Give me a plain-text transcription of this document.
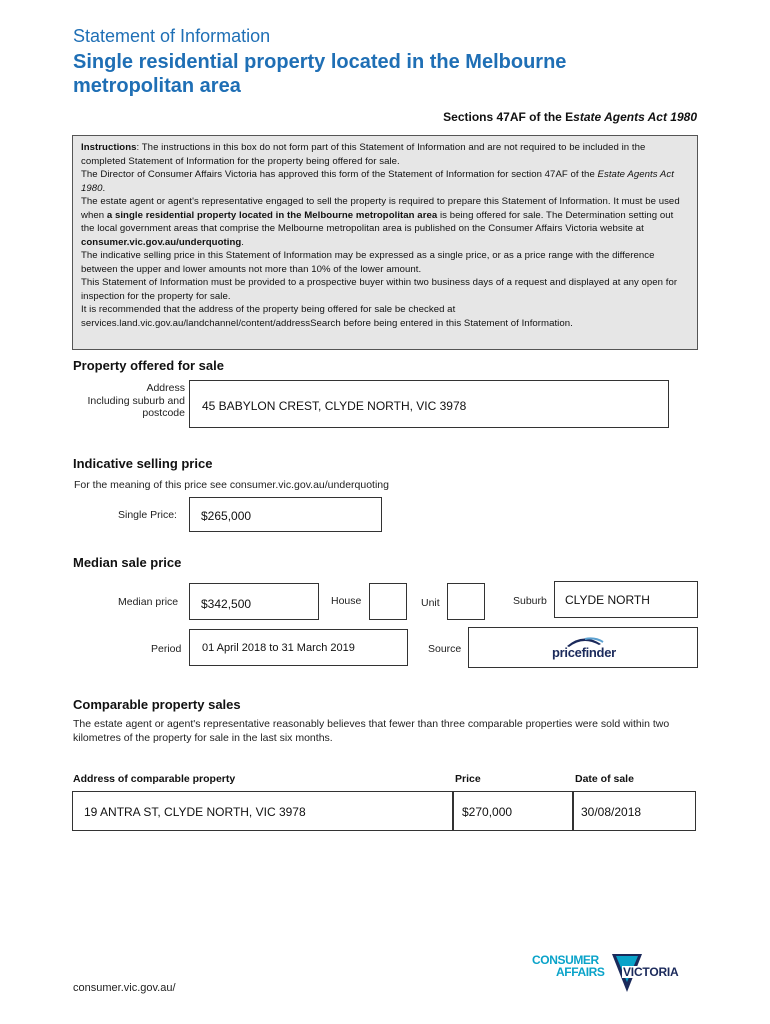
Statement of Information
Single residential property located in the Melbourne metropolitan area
Sections 47AF of the Estate Agents Act 1980

Instructions: The instructions in this box do not form part of this Statement of Information and are not required to be included in the completed Statement of Information for the property being offered for sale.

The Director of Consumer Affairs Victoria has approved this form of the Statement of Information for section 47AF of the Estate Agents Act 1980.

The estate agent or agent's representative engaged to sell the property is required to prepare this Statement of Information. It must be used when a single residential property located in the Melbourne metropolitan area is being offered for sale. The Determination setting out the local government areas that comprise the Melbourne metropolitan area is published on the Consumer Affairs Victoria website at consumer.vic.gov.au/underquoting.

The indicative selling price in this Statement of Information may be expressed as a single price, or as a price range with the difference between the upper and lower amounts not more than 10% of the lower amount.

This Statement of Information must be provided to a prospective buyer within two business days of a request and displayed at any open for inspection for the property for sale.

It is recommended that the address of the property being offered for sale be checked at services.land.vic.gov.au/landchannel/content/addressSearch before being entered in this Statement of Information.

Property offered for sale
Address
Including suburb and
postcode 45 BABYLON CREST, CLYDE NORTH, VIC 3978
Indicative selling price
For the meaning of this price see consumer.vic.gov.au/underquoting
Single Price: $265,000
Median sale price
Median price $342,500	House	Unit	Suburb CLYDE NORTH
Period 01 April 2018 to 31 March 2019	Source	pricefinder
Comparable property sales
The estate agent or agent's representative reasonably believes that fewer than three comparable properties were sold within two kilometres of the property for sale in the last six months.
Address of comparable property	Price	Date of sale
19 ANTRA ST, CLYDE NORTH, VIC 3978	$270,000	30/08/2018
consumer.vic.gov.au/
CONSUMER
AFFAIRS VICTORIA
